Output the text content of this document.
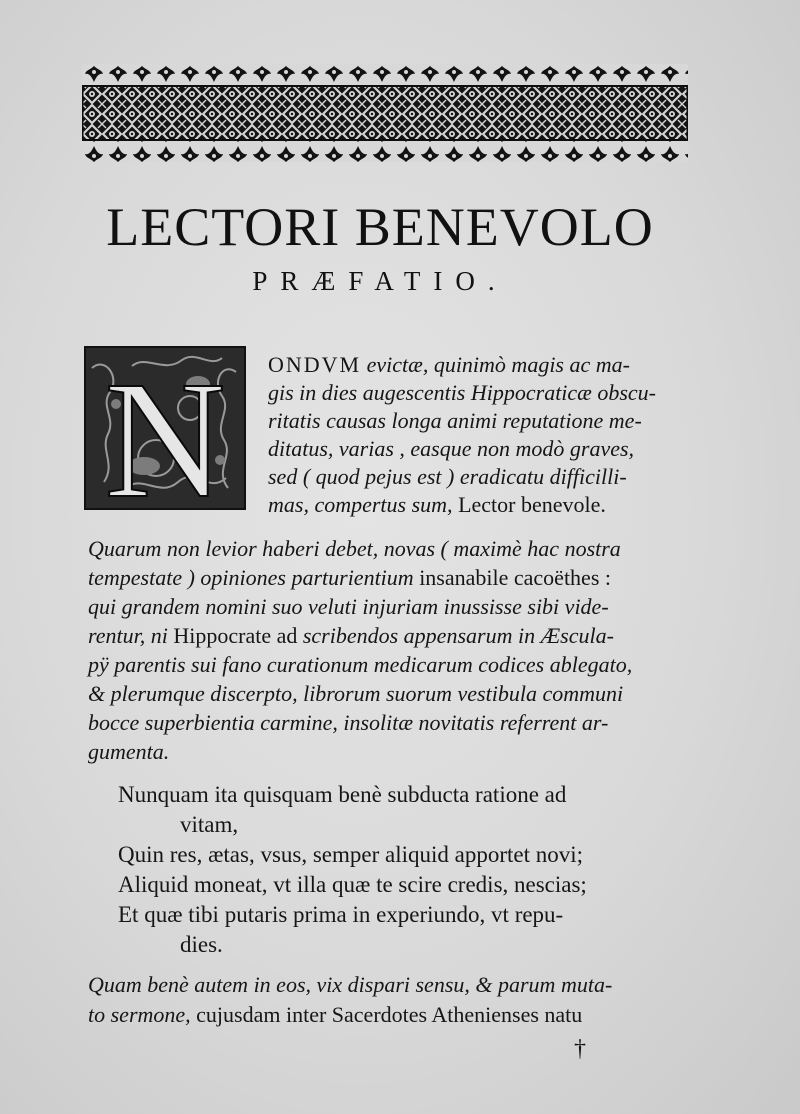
LECTORI BENEVOLO
PRÆFATIO.
N ONDVM evictæ, quinimò magis ac ma-
gis in dies augescentis Hippocraticæ obscu-
ritatis causas longa animi reputatione me-
ditatus, varias , easque non modò graves,
sed ( quod pejus est ) eradicatu difficilli-
mas, compertus sum, Lector benevole.
Quarum non levior haberi debet, novas ( maximè hac nostra
tempestate ) opiniones parturientium insanabile cacoëthes :
qui grandem nomini suo veluti injuriam inussisse sibi vide-
rentur, ni Hippocrate ad scribendos appensarum in Æscula-
pÿ parentis sui fano curationum medicarum codices ablegato,
& plerumque discerpto, librorum suorum vestibula communi
bocce superbientia carmine, insolitæ novitatis referrent ar-
gumenta.
Nunquam ita quisquam benè subducta ratione ad
vitam,
Quin res, ætas, vsus, semper aliquid apportet novi;
Aliquid moneat, vt illa quæ te scire credis, nescias;
Et quæ tibi putaris prima in experiundo, vt repu-
dies.
Quam benè autem in eos, vix dispari sensu, & parum muta-
to sermone, cujusdam inter Sacerdotes Athenienses natu
†
